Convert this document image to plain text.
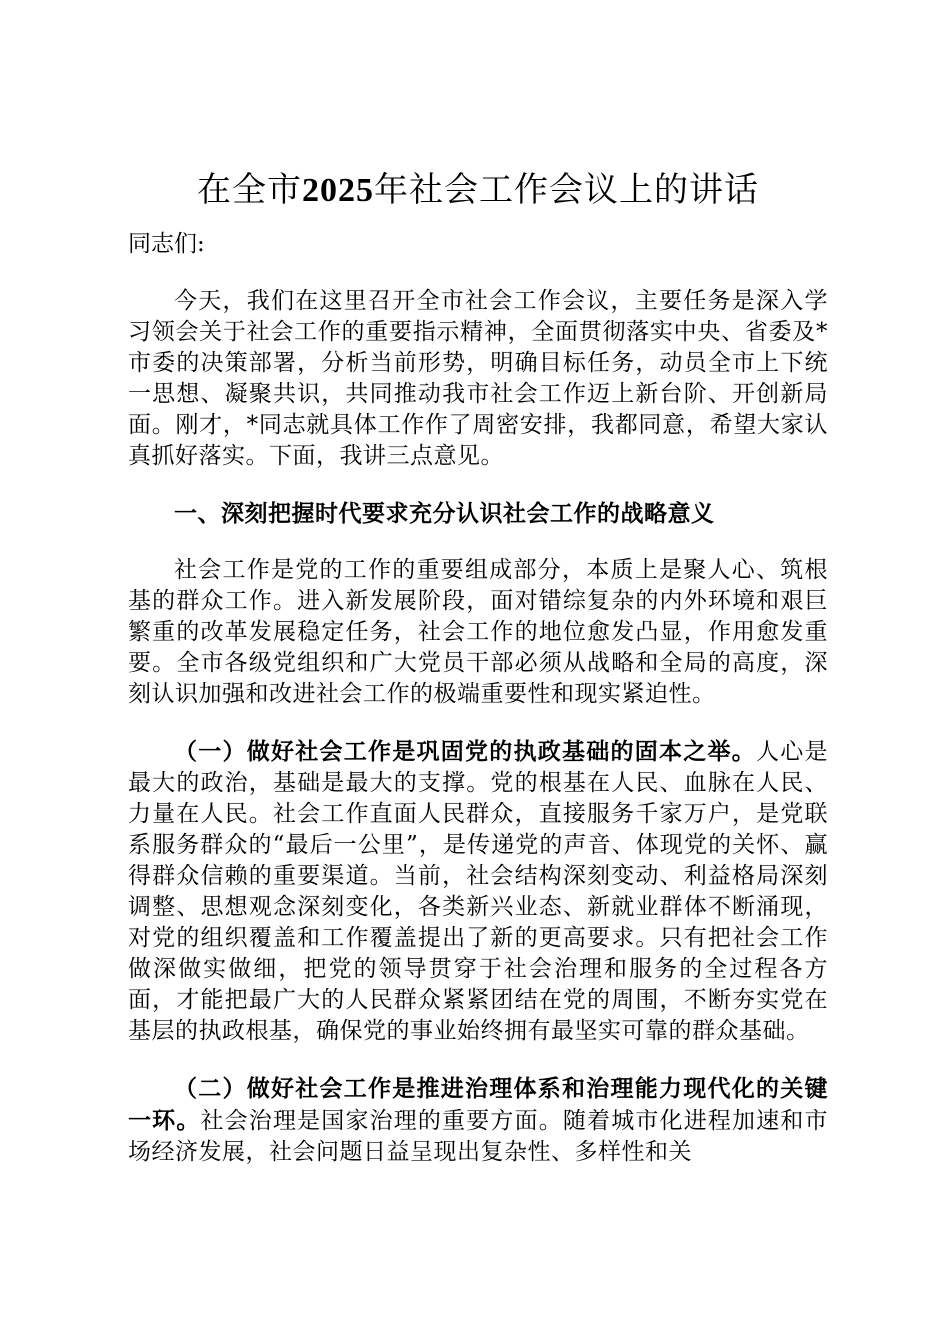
在全市2025年社会工作会议上的讲话
同志们:

今天，我们在这里召开全市社会工作会议，主要任务是深入学习领会关于社会工作的重要指示精神，全面贯彻落实中央、省委及*市委的决策部署，分析当前形势，明确目标任务，动员全市上下统一思想、凝聚共识，共同推动我市社会工作迈上新台阶、开创新局面。刚才，*同志就具体工作作了周密安排，我都同意，希望大家认真抓好落实。下面，我讲三点意见。

一、深刻把握时代要求充分认识社会工作的战略意义

社会工作是党的工作的重要组成部分，本质上是聚人心、筑根基的群众工作。进入新发展阶段，面对错综复杂的内外环境和艰巨繁重的改革发展稳定任务，社会工作的地位愈发凸显，作用愈发重要。全市各级党组织和广大党员干部必须从战略和全局的高度，深刻认识加强和改进社会工作的极端重要性和现实紧迫性。

（一）做好社会工作是巩固党的执政基础的固本之举。人心是最大的政治，基础是最大的支撑。党的根基在人民、血脉在人民、力量在人民。社会工作直面人民群众，直接服务千家万户，是党联系服务群众的“最后一公里”，是传递党的声音、体现党的关怀、赢得群众信赖的重要渠道。当前，社会结构深刻变动、利益格局深刻调整、思想观念深刻变化，各类新兴业态、新就业群体不断涌现，对党的组织覆盖和工作覆盖提出了新的更高要求。只有把社会工作做深做实做细，把党的领导贯穿于社会治理和服务的全过程各方面，才能把最广大的人民群众紧紧团结在党的周围，不断夯实党在基层的执政根基，确保党的事业始终拥有最坚实可靠的群众基础。

（二）做好社会工作是推进治理体系和治理能力现代化的关键一环。社会治理是国家治理的重要方面。随着城市化进程加速和市场经济发展，社会问题日益呈现出复杂性、多样性和关
